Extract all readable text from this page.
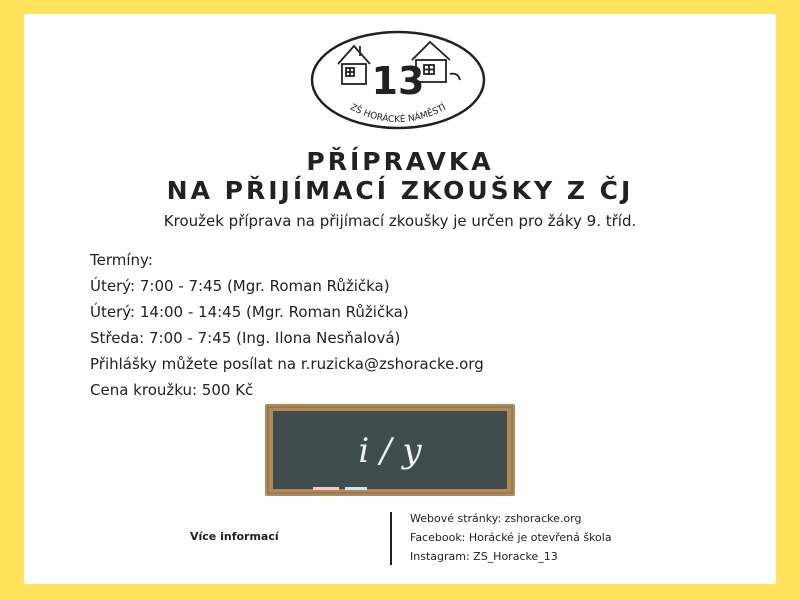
13
ZŠ HORÁCKÉ NÁMĚSTÍ
PŘÍPRAVKA
NA PŘIJÍMACÍ ZKOUŠKY Z ČJ
Kroužek příprava na přijímací zkoušky je určen pro žáky 9. tříd.
Termíny:
Úterý: 7:00 - 7:45 (Mgr. Roman Růžička)
Úterý: 14:00 - 14:45 (Mgr. Roman Růžička)
Středa: 7:00 - 7:45 (Ing. Ilona Nesňalová)
Přihlášky můžete posílat na r.ruzicka@zshoracke.org
Cena kroužku: 500 Kč
i / y
Více informací
Webové stránky: zshoracke.org
Facebook: Horácké je otevřená škola
Instagram: ZS_Horacke_13
